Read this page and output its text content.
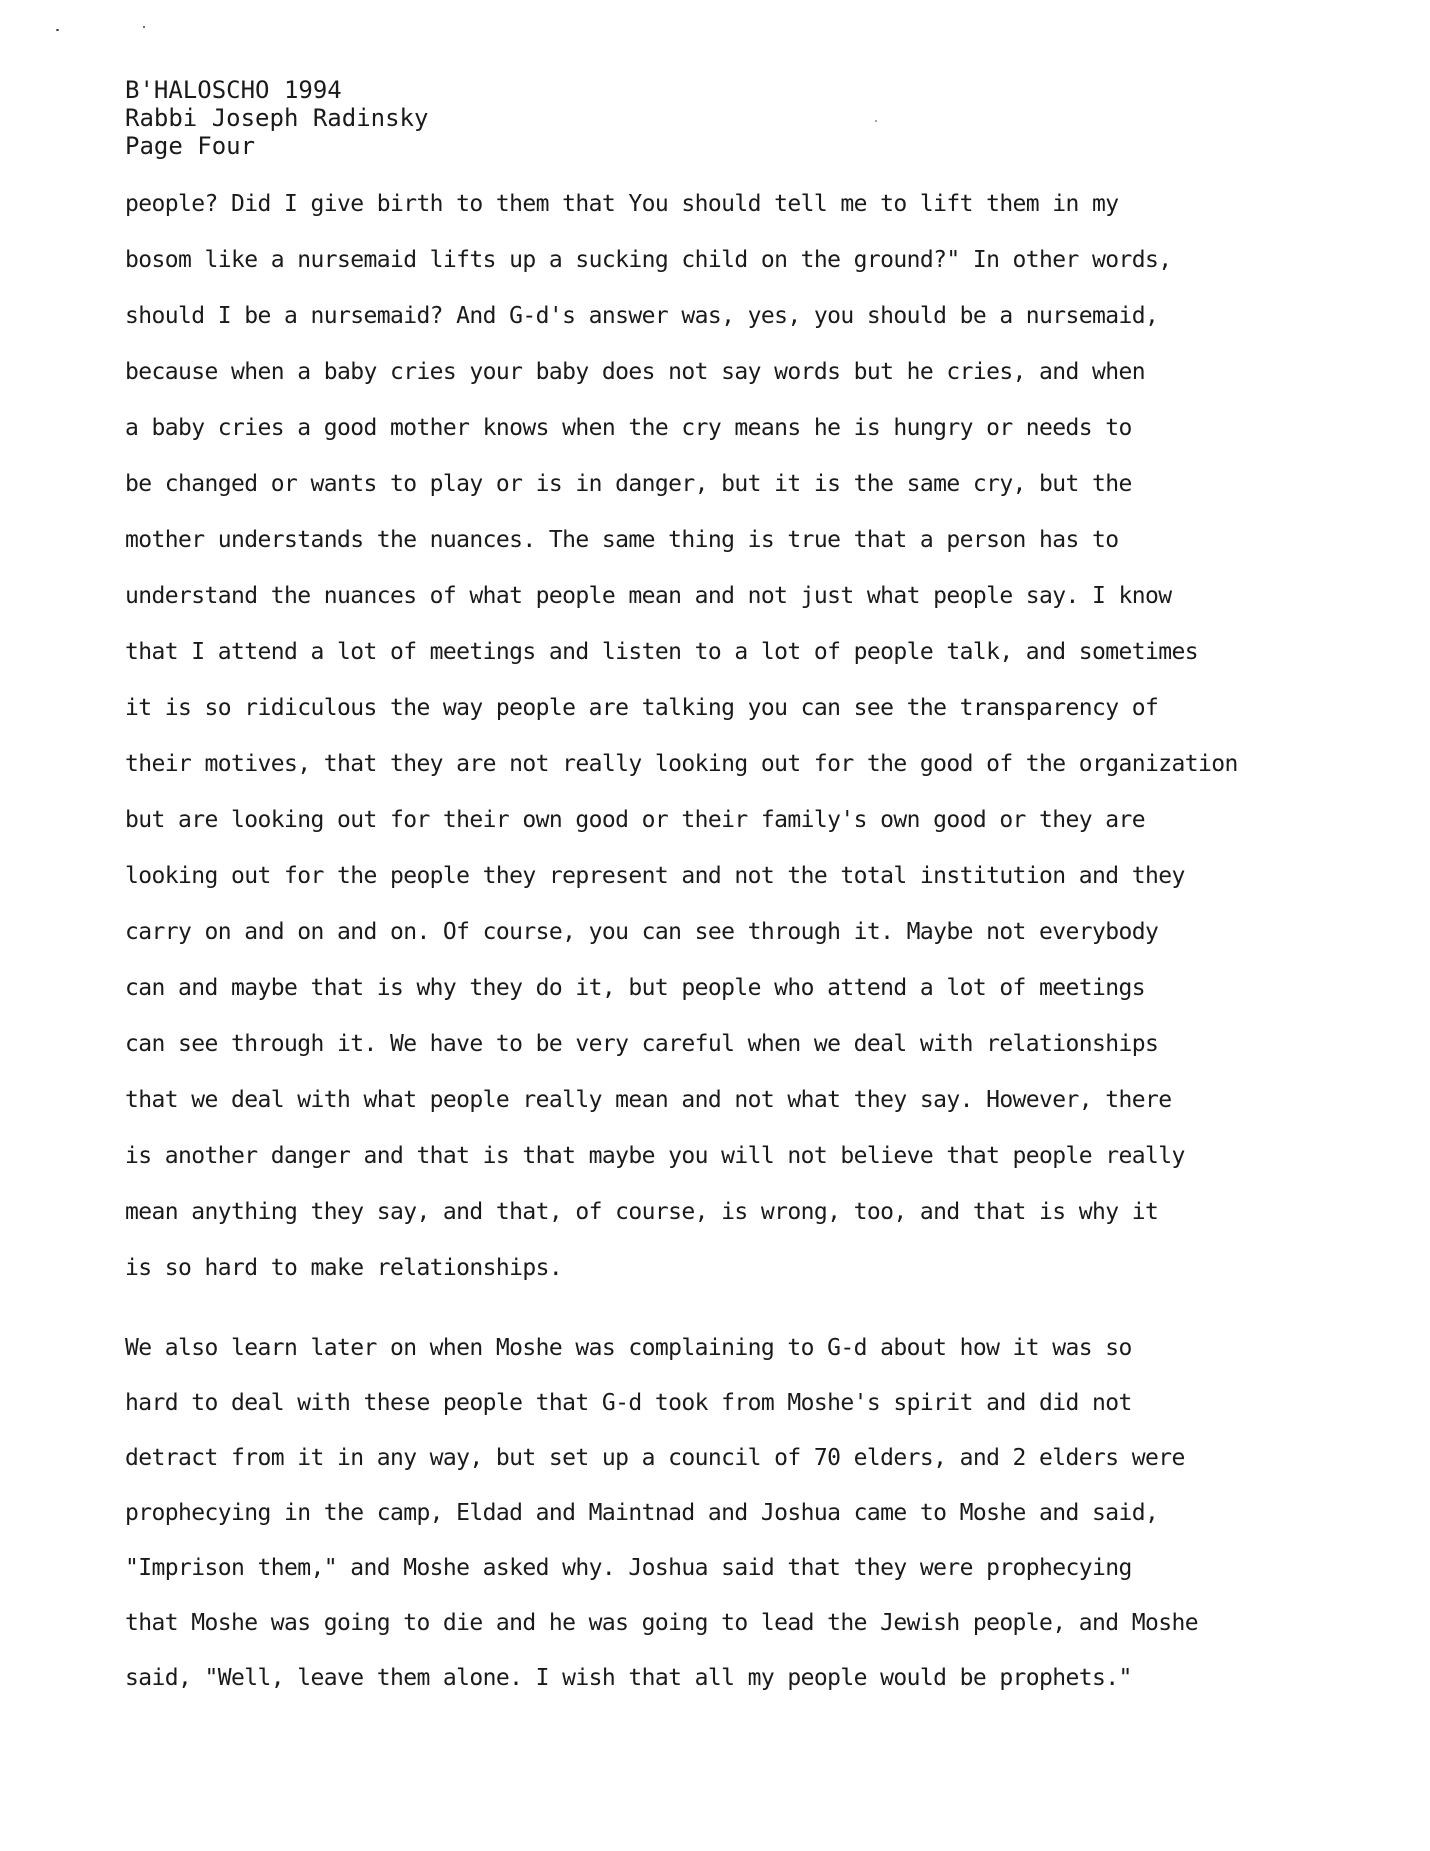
B'HALOSCHO 1994
Rabbi Joseph Radinsky
Page Four
people? Did I give birth to them that You should tell me to lift them in my
bosom like a nursemaid lifts up a sucking child on the ground?" In other words,
should I be a nursemaid? And G-d's answer was, yes, you should be a nursemaid,
because when a baby cries your baby does not say words but he cries, and when
a baby cries a good mother knows when the cry means he is hungry or needs to
be changed or wants to play or is in danger, but it is the same cry, but the
mother understands the nuances. The same thing is true that a person has to
understand the nuances of what people mean and not just what people say. I know
that I attend a lot of meetings and listen to a lot of people talk, and sometimes
it is so ridiculous the way people are talking you can see the transparency of
their motives, that they are not really looking out for the good of the organization
but are looking out for their own good or their family's own good or they are
looking out for the people they represent and not the total institution and they
carry on and on and on. Of course, you can see through it. Maybe not everybody
can and maybe that is why they do it, but people who attend a lot of meetings
can see through it. We have to be very careful when we deal with relationships
that we deal with what people really mean and not what they say. However, there
is another danger and that is that maybe you will not believe that people really
mean anything they say, and that, of course, is wrong, too, and that is why it
is so hard to make relationships.
We also learn later on when Moshe was complaining to G-d about how it was so
hard to deal with these people that G-d took from Moshe's spirit and did not
detract from it in any way, but set up a council of 70 elders, and 2 elders were
prophecying in the camp, Eldad and Maintnad and Joshua came to Moshe and said,
"Imprison them," and Moshe asked why. Joshua said that they were prophecying
that Moshe was going to die and he was going to lead the Jewish people, and Moshe
said, "Well, leave them alone. I wish that all my people would be prophets."
